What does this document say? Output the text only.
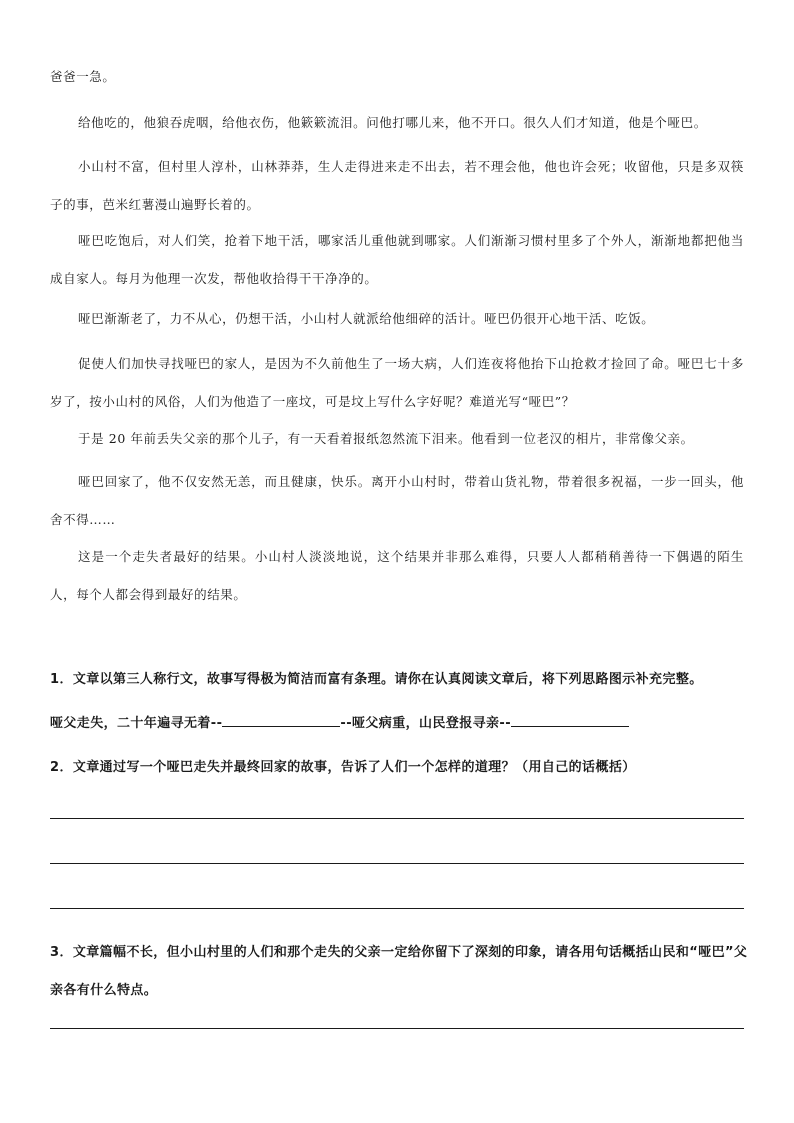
爸爸一急。

给他吃的，他狼吞虎咽，给他衣伤，他簌簌流泪。问他打哪儿来，他不开口。很久人们才知道，他是个哑巴。

小山村不富，但村里人淳朴，山林莽莽，生人走得进来走不出去，若不理会他，他也许会死；收留他，只是多双筷子的事，芭米红薯漫山遍野长着的。

哑巴吃饱后，对人们笑，抢着下地干活，哪家活儿重他就到哪家。人们渐渐习惯村里多了个外人，渐渐地都把他当成自家人。每月为他理一次发，帮他收拾得干干净净的。

哑巴渐渐老了，力不从心，仍想干活，小山村人就派给他细碎的活计。哑巴仍很开心地干活、吃饭。

促使人们加快寻找哑巴的家人，是因为不久前他生了一场大病，人们连夜将他抬下山抢救才捡回了命。哑巴七十多岁了，按小山村的风俗，人们为他造了一座坟，可是坟上写什么字好呢？难道光写“哑巴”？

于是 20 年前丢失父亲的那个儿子，有一天看着报纸忽然流下泪来。他看到一位老汉的相片，非常像父亲。

哑巴回家了，他不仅安然无恙，而且健康，快乐。离开小山村时，带着山货礼物，带着很多祝福，一步一回头，他舍不得……

这是一个走失者最好的结果。小山村人淡淡地说，这个结果并非那么难得，只要人人都稍稍善待一下偶遇的陌生人，每个人都会得到最好的结果。

1．文章以第三人称行文，故事写得极为简洁而富有条理。请你在认真阅读文章后，将下列思路图示补充完整。

哑父走失，二十年遍寻无着--	--哑父病重，山民登报寻亲--

2．文章通过写一个哑巴走失并最终回家的故事，告诉了人们一个怎样的道理？（用自己的话概括）

3．文章篇幅不长，但小山村里的人们和那个走失的父亲一定给你留下了深刻的印象，请各用句话概括山民和“哑巴”父亲各有什么特点。
